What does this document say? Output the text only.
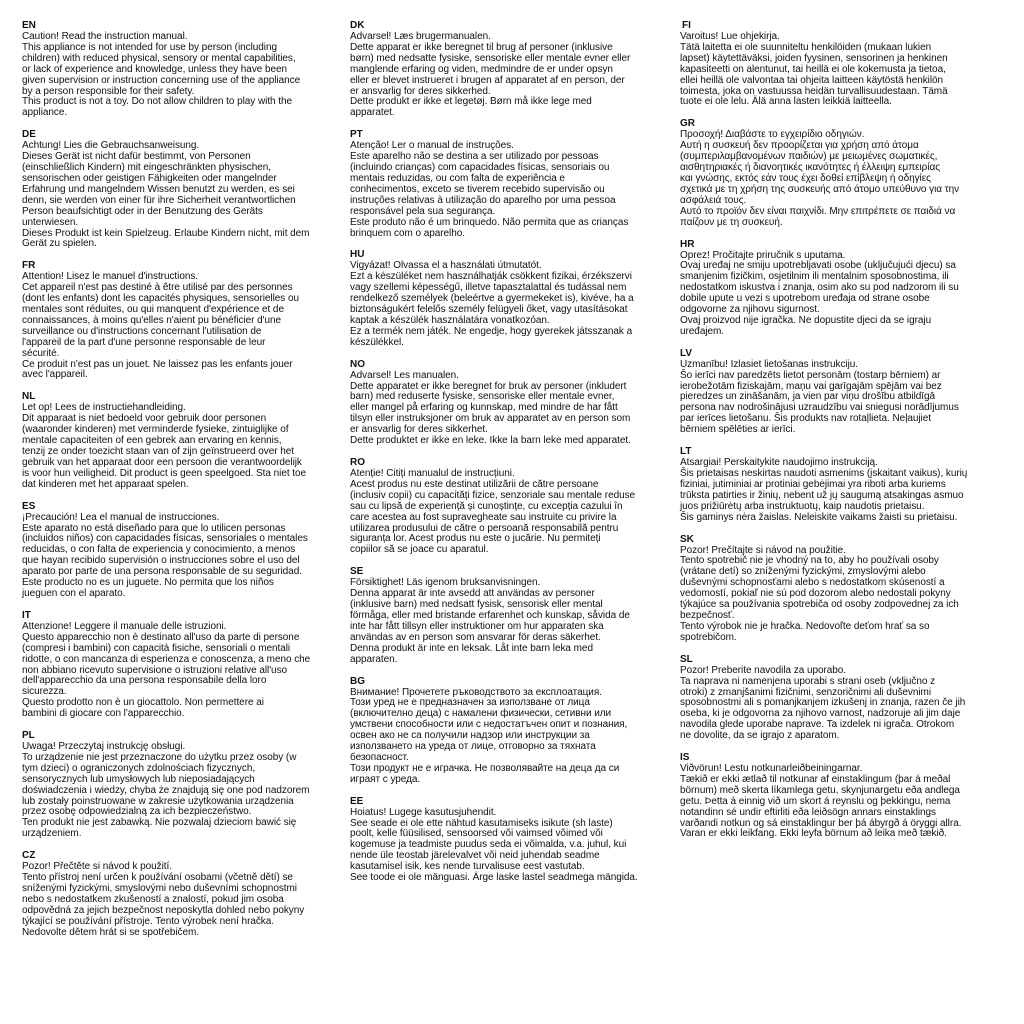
EN
Caution! Read the instruction manual.
This appliance is not intended for use by person (including
children) with reduced physical, sensory or mental capabilities,
or lack of experience and knowledge, unless they have been
given supervision or instruction concerning use of the appliance
by a person responsible for their safety.
This product is not a toy. Do not allow children to play with the
appliance.
DE
Achtung! Lies die Gebrauchsanweisung.
Dieses Gerät ist nicht dafür bestimmt, von Personen
(einschließlich Kindern) mit eingeschränkten physischen,
sensorischen oder geistigen Fähigkeiten oder mangelnder
Erfahrung und mangelndem Wissen benutzt zu werden, es sei
denn, sie werden von einer für ihre Sicherheit verantwortlichen
Person beaufsichtigt oder in der Benutzung des Geräts
unterwiesen.
Dieses Produkt ist kein Spielzeug. Erlaube Kindern nicht, mit dem
Gerät zu spielen.
FR
Attention! Lisez le manuel d'instructions.
Cet appareil n'est pas destiné à être utilisé par des personnes
(dont les enfants) dont les capacités physiques, sensorielles ou
mentales sont réduites, ou qui manquent d'expérience et de
connaissances, à moins qu'elles n'aient pu bénéficier d'une
surveillance ou d'instructions concernant l'utilisation de
l'appareil de la part d'une personne responsable de leur
sécurité.
Ce produit n'est pas un jouet. Ne laissez pas les enfants jouer
avec l'appareil.
NL
Let op! Lees de instructiehandleiding.
Dit apparaat is niet bedoeld voor gebruik door personen
(waaronder kinderen) met verminderde fysieke, zintuiglijke of
mentale capaciteiten of een gebrek aan ervaring en kennis,
tenzij ze onder toezicht staan van of zijn geïnstrueerd over het
gebruik van het apparaat door een persoon die verantwoordelijk
is voor hun veiligheid. Dit product is geen speelgoed. Sta niet toe
dat kinderen met het apparaat spelen.
ES
¡Precaución! Lea el manual de instrucciones.
Este aparato no está diseñado para que lo utilicen personas
(incluidos niños) con capacidades físicas, sensoriales o mentales
reducidas, o con falta de experiencia y conocimiento, a menos
que hayan recibido supervisión o instrucciones sobre el uso del
aparato por parte de una persona responsable de su seguridad.
Este producto no es un juguete. No permita que los niños
jueguen con el aparato.
IT
Attenzione! Leggere il manuale delle istruzioni.
Questo apparecchio non è destinato all'uso da parte di persone
(compresi i bambini) con capacità fisiche, sensoriali o mentali
ridotte, o con mancanza di esperienza e conoscenza, a meno che
non abbiano ricevuto supervisione o istruzioni relative all'uso
dell'apparecchio da una persona responsabile della loro
sicurezza.
Questo prodotto non è un giocattolo. Non permettere ai
bambini di giocare con l'apparecchio.
PL
Uwaga! Przeczytaj instrukcję obsługi.
To urządzenie nie jest przeznaczone do użytku przez osoby (w
tym dzieci) o ograniczonych zdolnościach fizycznych,
sensorycznych lub umysłowych lub nieposiadających
doświadczenia i wiedzy, chyba że znajdują się one pod nadzorem
lub zostały poinstruowane w zakresie użytkowania urządzenia
przez osobę odpowiedzialną za ich bezpieczeństwo.
Ten produkt nie jest zabawką. Nie pozwalaj dzieciom bawić się
urządzeniem.
CZ
Pozor! Přečtěte si návod k použití.
Tento přístroj není určen k používání osobami (včetně dětí) se
sníženými fyzickými, smyslovými nebo duševními schopnostmi
nebo s nedostatkem zkušeností a znalostí, pokud jim osoba
odpovědná za jejich bezpečnost neposkytla dohled nebo pokyny
týkající se používání přístroje. Tento výrobek není hračka.
Nedovolte dětem hrát si se spotřebičem.
DK
Advarsel! Læs brugermanualen.
Dette apparat er ikke beregnet til brug af personer (inklusive
børn) med nedsatte fysiske, sensoriske eller mentale evner eller
manglende erfaring og viden, medmindre de er under opsyn
eller er blevet instrueret i brugen af apparatet af en person, der
er ansvarlig for deres sikkerhed.
Dette produkt er ikke et legetøj. Børn må ikke lege med
apparatet.
PT
Atenção! Ler o manual de instruções.
Este aparelho não se destina a ser utilizado por pessoas
(incluindo crianças) com capacidades físicas, sensoriais ou
mentais reduzidas, ou com falta de experiência e
conhecimentos, exceto se tiverem recebido supervisão ou
instruções relativas à utilização do aparelho por uma pessoa
responsável pela sua segurança.
Este produto não é um brinquedo. Não permita que as crianças
brinquem com o aparelho.
HU
Vigyázat! Olvassa el a használati útmutatót.
Ezt a készüléket nem használhatják csökkent fizikai, érzékszervi
vagy szellemi képességű, illetve tapasztalattal és tudással nem
rendelkező személyek (beleértve a gyermekeket is), kivéve, ha a
biztonságukért felelős személy felügyeli őket, vagy utasításokat
kaptak a készülék használatára vonatkozóan.
Ez a termék nem játék. Ne engedje, hogy gyerekek játsszanak a
készülékkel.
NO
Advarsel! Les manualen.
Dette apparatet er ikke beregnet for bruk av personer (inkludert
barn) med reduserte fysiske, sensoriske eller mentale evner,
eller mangel på erfaring og kunnskap, med mindre de har fått
tilsyn eller instruksjoner om bruk av apparatet av en person som
er ansvarlig for deres sikkerhet.
Dette produktet er ikke en leke. Ikke la barn leke med apparatet.
RO
Atenție! Citiți manualul de instrucțiuni.
Acest produs nu este destinat utilizării de către persoane
(inclusiv copii) cu capacități fizice, senzoriale sau mentale reduse
sau cu lipsă de experiență și cunoștințe, cu excepția cazului în
care acestea au fost supravegheate sau instruite cu privire la
utilizarea produsului de către o persoană responsabilă pentru
siguranța lor. Acest produs nu este o jucărie. Nu permiteți
copiilor să se joace cu aparatul.
SE
Försiktighet! Läs igenom bruksanvisningen.
Denna apparat är inte avsedd att användas av personer
(inklusive barn) med nedsatt fysisk, sensorisk eller mental
förmåga, eller med bristande erfarenhet och kunskap, såvida de
inte har fått tillsyn eller instruktioner om hur apparaten ska
användas av en person som ansvarar för deras säkerhet.
Denna produkt är inte en leksak. Låt inte barn leka med
apparaten.
BG
Внимание! Прочетете ръководството за експлоатация.
Този уред не е предназначен за използване от лица
(включително деца) с намалени физически, сетивни или
умствени способности или с недостатъчен опит и познания,
освен ако не са получили надзор или инструкции за
използването на уреда от лице, отговорно за тяхната
безопасност.
Този продукт не е играчка. Не позволявайте на деца да си
играят с уреда.
EE
Hoiatus! Lugege kasutusjuhendit.
See seade ei ole ette nähtud kasutamiseks isikute (sh laste)
poolt, kelle füüsilised, sensoorsed või vaimsed võimed või
kogemuse ja teadmiste puudus seda ei võimalda, v.a. juhul, kui
nende üle teostab järelevalvet või neid juhendab seadme
kasutamisel isik, kes nende turvalisuse eest vastutab.
See toode ei ole mänguasi. Ärge laske lastel seadmega mängida.
FI
Varoitus! Lue ohjekirja.
Tätä laitetta ei ole suunniteltu henkilöiden (mukaan lukien
lapset) käytettäväksi, joiden fyysinen, sensorinen ja henkinen
kapasiteetti on alentunut, tai heillä ei ole kokemusta ja tietoa,
ellei heillä ole valvontaa tai ohjeita laitteen käytöstä henkilön
toimesta, joka on vastuussa heidän turvallisuudestaan. Tämä
tuote ei ole lelu. Älä anna lasten leikkiä laitteella.
GR
Προσοχή! Διαβάστε το εγχειρίδιο οδηγιών.
Αυτή η συσκευή δεν προορίζεται για χρήση από άτομα
(συμπεριλαμβανομένων παιδιών) με μειωμένες σωματικές,
αισθητηριακές ή διανοητικές ικανότητες ή έλλειψη εμπειρίας
και γνώσης, εκτός εάν τους έχει δοθεί επίβλεψη ή οδηγίες
σχετικά με τη χρήση της συσκευής από άτομο υπεύθυνο για την
ασφάλειά τους.
Αυτό το προϊόν δεν είναι παιχνίδι. Μην επιτρέπετε σε παιδιά να
παίζουν με τη συσκευή.
HR
Oprez! Pročitajte priručnik s uputama.
Ovaj uređaj ne smiju upotrebljavati osobe (uključujući djecu) sa
smanjenim fizičkim, osjetilnim ili mentalnim sposobnostima, ili
nedostatkom iskustva i znanja, osim ako su pod nadzorom ili su
dobile upute u vezi s upotrebom uređaja od strane osobe
odgovorne za njihovu sigurnost.
Ovaj proizvod nije igračka. Ne dopustite djeci da se igraju
uređajem.
LV
Uzmanību! Izlasiet lietošanas instrukciju.
Šo ierīci nav paredzēts lietot personām (tostarp bērniem) ar
ierobežotām fiziskajām, maņu vai garīgajām spējām vai bez
pieredzes un zināšanām, ja vien par viņu drošību atbildīgā
persona nav nodrošinājusi uzraudzību vai sniegusi norādījumus
par ierīces lietošanu. Šis produkts nav rotaļlieta. Neļaujiet
bērniem spēlēties ar ierīci.
LT
Atsargiai! Perskaitykite naudojimo instrukciją.
Šis prietaisas neskirtas naudoti asmenims (įskaitant vaikus), kurių
fiziniai, jutiminiai ar protiniai gebėjimai yra riboti arba kuriems
trūksta patirties ir žinių, nebent už jų saugumą atsakingas asmuo
juos prižiūrėtų arba instruktuotų, kaip naudotis prietaisu.
Šis gaminys nėra žaislas. Neleiskite vaikams žaisti su prietaisu.
SK
Pozor! Prečítajte si návod na použitie.
Tento spotrebič nie je vhodný na to, aby ho používali osoby
(vrátane detí) so zníženými fyzickými, zmyslovými alebo
duševnými schopnosťami alebo s nedostatkom skúseností a
vedomostí, pokiaľ nie sú pod dozorom alebo nedostali pokyny
týkajúce sa používania spotrebiča od osoby zodpovednej za ich
bezpečnosť.
Tento výrobok nie je hračka. Nedovoľte deťom hrať sa so
spotrebičom.
SL
Pozor! Preberite navodila za uporabo.
Ta naprava ni namenjena uporabi s strani oseb (vključno z
otroki) z zmanjšanimi fizičnimi, senzoričnimi ali duševnimi
sposobnostmi ali s pomanjkanjem izkušenj in znanja, razen če jih
oseba, ki je odgovorna za njihovo varnost, nadzoruje ali jim daje
navodila glede uporabe naprave. Ta izdelek ni igrača. Otrokom
ne dovolite, da se igrajo z aparatom.
IS
Viðvörun! Lestu notkunarleiðbeiningarnar.
Tækið er ekki ætlað til notkunar af einstaklingum (þar á meðal
börnum) með skerta líkamlega getu, skynjunargetu eða andlega
getu. Þetta á einnig við um skort á reynslu og þekkingu, nema
notandinn sé undir eftirliti eða leiðsögn annars einstaklings
varðandi notkun og sá einstaklingur ber þá ábyrgð á öryggi allra.
Varan er ekki leikfang. Ekki leyfa börnum að leika með tækið.
